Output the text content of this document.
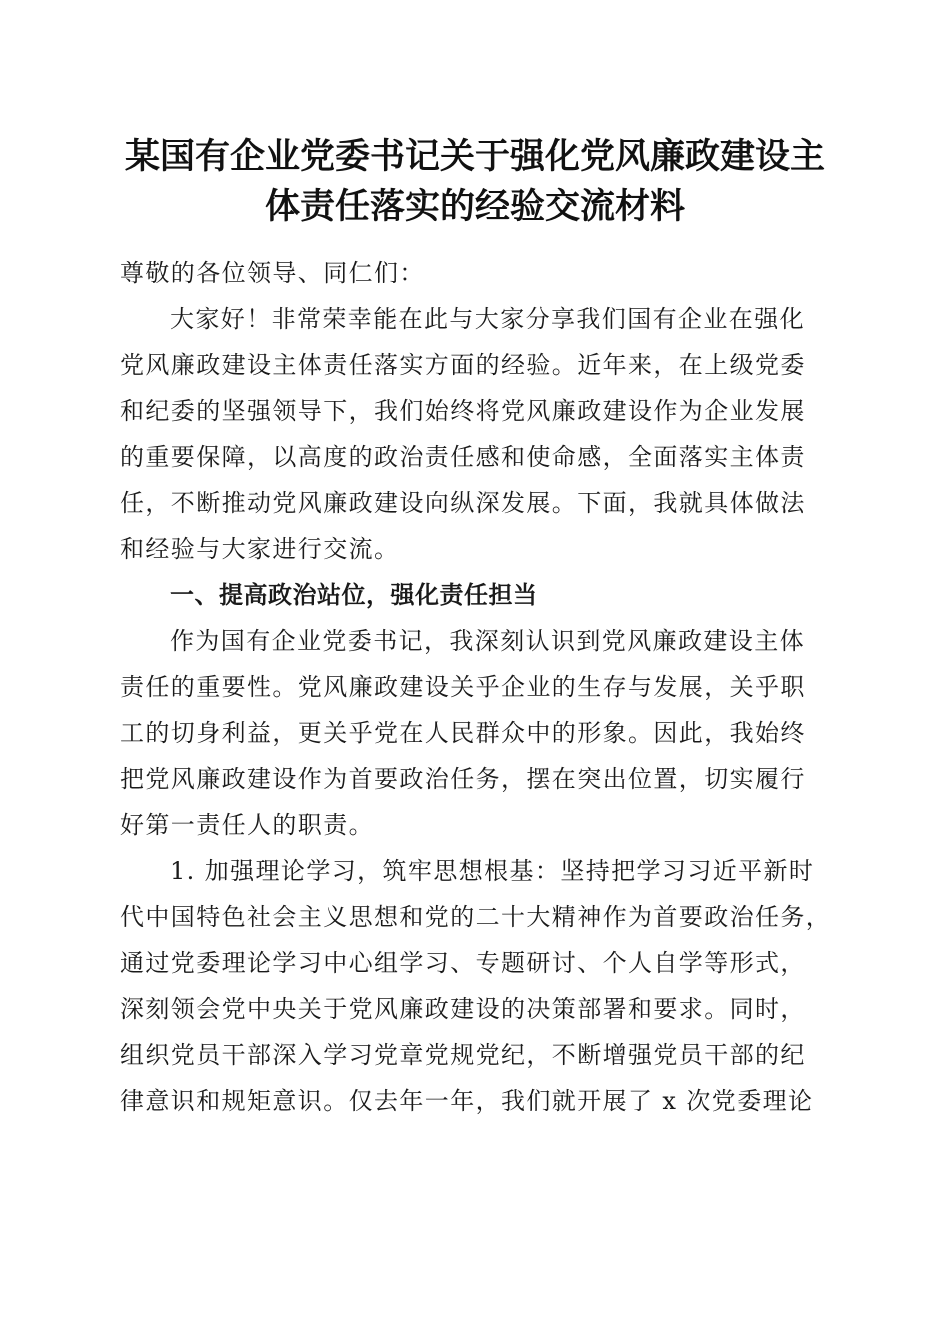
某国有企业党委书记关于强化党风廉政建设主
体责任落实的经验交流材料
尊敬的各位领导、同仁们：
大家好！非常荣幸能在此与大家分享我们国有企业在强化
党风廉政建设主体责任落实方面的经验。近年来，在上级党委
和纪委的坚强领导下，我们始终将党风廉政建设作为企业发展
的重要保障，以高度的政治责任感和使命感，全面落实主体责
任，不断推动党风廉政建设向纵深发展。下面，我就具体做法
和经验与大家进行交流。
一、提高政治站位，强化责任担当
作为国有企业党委书记，我深刻认识到党风廉政建设主体
责任的重要性。党风廉政建设关乎企业的生存与发展，关乎职
工的切身利益，更关乎党在人民群众中的形象。因此，我始终
把党风廉政建设作为首要政治任务，摆在突出位置，切实履行
好第一责任人的职责。
1. 加强理论学习，筑牢思想根基：坚持把学习习近平新时
代中国特色社会主义思想和党的二十大精神作为首要政治任务，
通过党委理论学习中心组学习、专题研讨、个人自学等形式，
深刻领会党中央关于党风廉政建设的决策部署和要求。同时，
组织党员干部深入学习党章党规党纪，不断增强党员干部的纪
律意识和规矩意识。仅去年一年，我们就开展了 x 次党委理论
